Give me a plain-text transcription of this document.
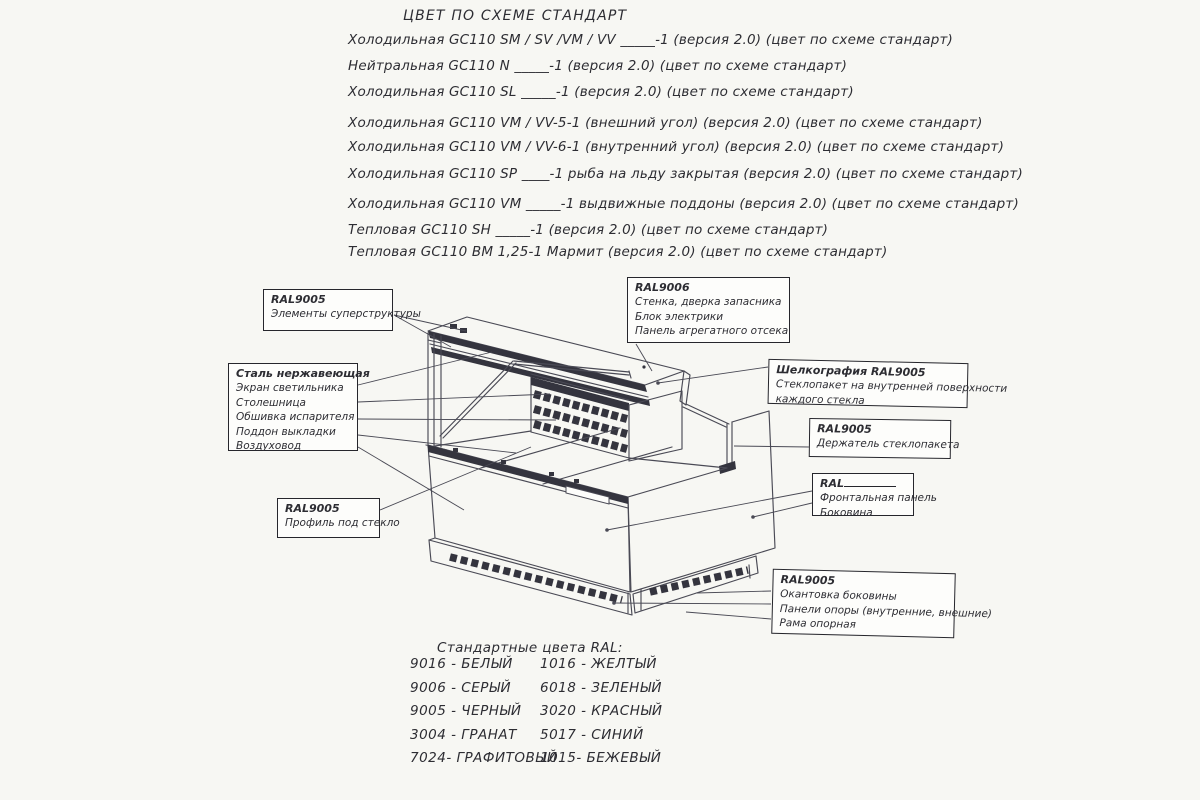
ЦВЕТ ПО СХЕМЕ СТАНДАРТ
Холодильная GC110 SM / SV /VM / VV _____-1 (версия 2.0) (цвет по схеме стандарт)
Нейтральная GC110 N _____-1 (версия 2.0) (цвет по схеме стандарт)
Холодильная GC110 SL _____-1 (версия 2.0) (цвет по схеме стандарт)
Холодильная GC110 VM / VV-5-1 (внешний угол) (версия 2.0) (цвет по схеме стандарт)
Холодильная GC110 VM / VV-6-1 (внутренний угол) (версия 2.0) (цвет по схеме стандарт)
Холодильная GC110 SP ____-1 рыба на льду закрытая (версия 2.0) (цвет по схеме стандарт)
Холодильная GC110 VM _____-1 выдвижные поддоны (версия 2.0) (цвет по схеме стандарт)
Тепловая GC110 SH _____-1 (версия 2.0) (цвет по схеме стандарт)
Тепловая GC110 ВМ 1,25-1 Мармит (версия 2.0) (цвет по схеме стандарт)
RAL9005
Элементы суперструктуры
RAL9006
Стенка, дверка запасника
Блок электрики
Панель агрегатного отсека
Сталь нержавеющая
Экран светильника
Столешница
Обшивка испарителя
Поддон выкладки
Воздуховод
Шелкография RAL9005
Стеклопакет на внутренней поверхности
каждого стекла
RAL9005
Держатель стеклопакета
RAL
Фронтальная панель
Боковина
RAL9005
Профиль под стекло
RAL9005
Окантовка боковины
Панели опоры (внутренние, внешние)
Рама опорная
Стандартные цвета RAL:
9016 - БЕЛЫЙ
9006 - СЕРЫЙ
9005 - ЧЕРНЫЙ
3004 - ГРАНАТ
7024- ГРАФИТОВЫЙ
1016 - ЖЕЛТЫЙ
6018 - ЗЕЛЕНЫЙ
3020 - КРАСНЫЙ
5017 - СИНИЙ
1015- БЕЖЕВЫЙ
